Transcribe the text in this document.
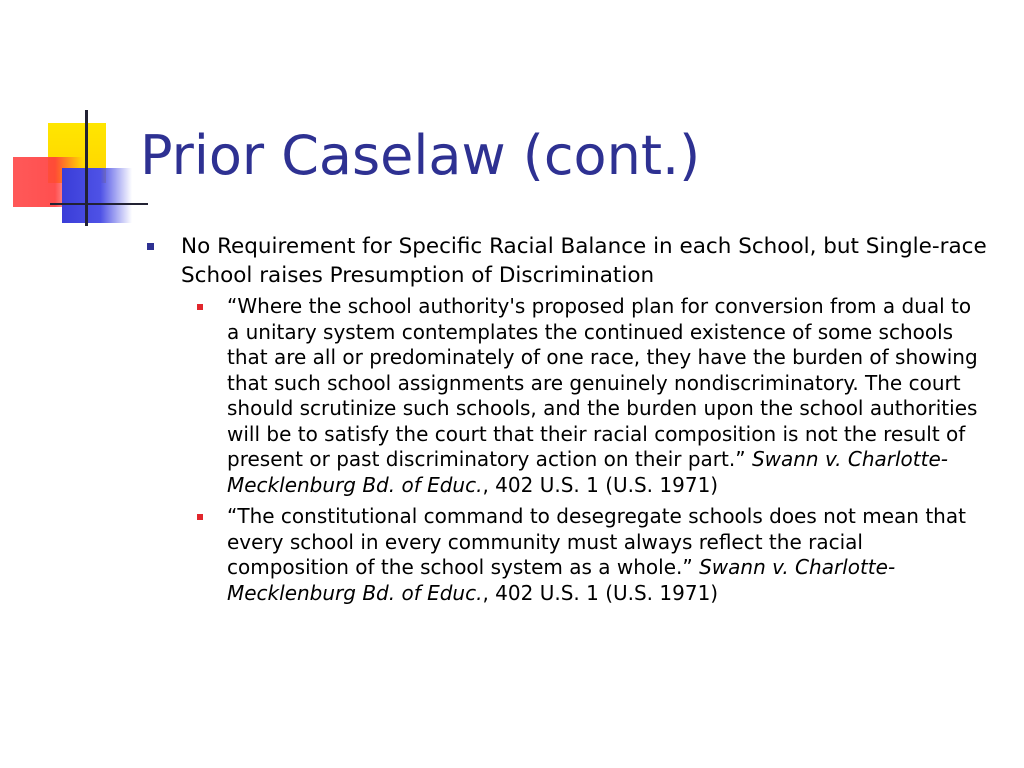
Prior Caselaw (cont.)
No Requirement for Specific Racial Balance in each School, but Single-race School raises Presumption of Discrimination

“Where the school authority's proposed plan for conversion from a dual to a unitary system contemplates the continued existence of some schools that are all or predominately of one race, they have the burden of showing that such school assignments are genuinely nondiscriminatory. The court should scrutinize such schools, and the burden upon the school authorities will be to satisfy the court that their racial composition is not the result of present or past discriminatory action on their part.” Swann v. Charlotte-Mecklenburg Bd. of Educ., 402 U.S. 1 (U.S. 1971)

“The constitutional command to desegregate schools does not mean that every school in every community must always reflect the racial composition of the school system as a whole.” Swann v. Charlotte-Mecklenburg Bd. of Educ., 402 U.S. 1 (U.S. 1971)
